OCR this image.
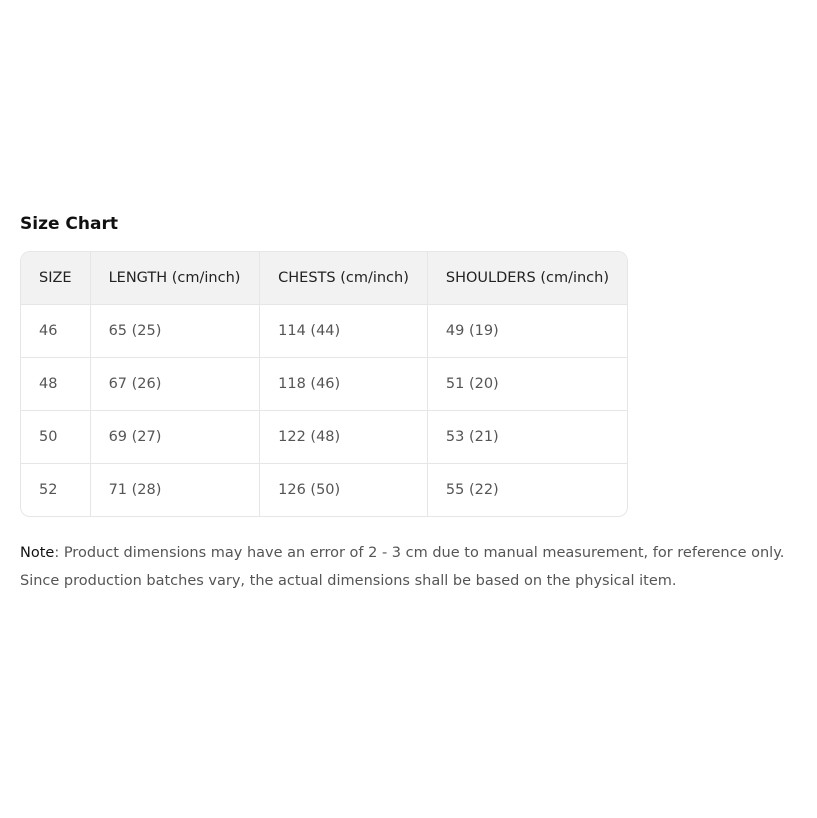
Size Chart
SIZE	LENGTH (cm/inch)	CHESTS (cm/inch)	SHOULDERS (cm/inch)
46	65 (25)	114 (44)	49 (19)
48	67 (26)	118 (46)	51 (20)
50	69 (27)	122 (48)	53 (21)
52	71 (28)	126 (50)	55 (22)

Note: Product dimensions may have an error of 2 - 3 cm due to manual measurement, for reference only. Since production batches vary, the actual dimensions shall be based on the physical item.
